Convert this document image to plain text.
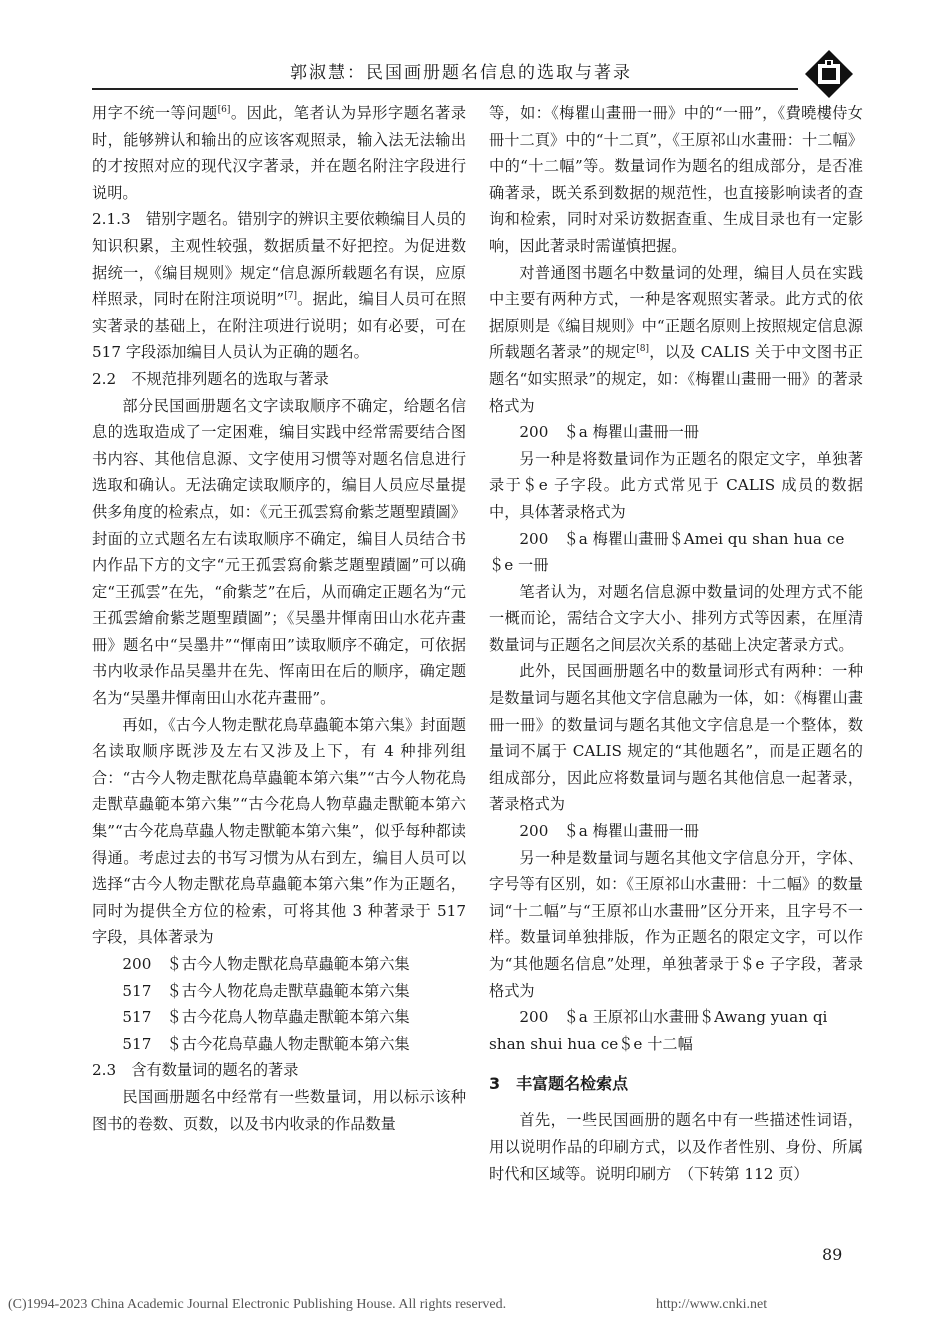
郭淑慧：民国画册题名信息的选取与著录

用字不统一等问题[6]。因此，笔者认为异形字题名著录时，能够辨认和输出的应该客观照录，输入法无法输出的才按照对应的现代汉字著录，并在题名附注字段进行说明。

2.1.3　错别字题名。错别字的辨识主要依赖编目人员的知识积累，主观性较强，数据质量不好把控。为促进数据统一，《编目规则》规定“信息源所载题名有误，应原样照录，同时在附注项说明”[7]。据此，编目人员可在照实著录的基础上，在附注项进行说明；如有必要，可在 517 字段添加编目人员认为正确的题名。

2.2　不规范排列题名的选取与著录

部分民国画册题名文字读取顺序不确定，给题名信息的选取造成了一定困难，编目实践中经常需要结合图书内容、其他信息源、文字使用习惯等对题名信息进行选取和确认。无法确定读取顺序的，编目人员应尽量提供多角度的检索点，如：《元王孤雲寫俞紫芝題聖蹟圖》封面的立式题名左右读取顺序不确定，编目人员结合书内作品下方的文字“元王孤雲寫俞紫芝題聖蹟圖”可以确定“王孤雲”在先，“俞紫芝”在后，从而确定正题名为“元王孤雲繪俞紫芝題聖蹟圖”；《吴墨井惲南田山水花卉畫冊》题名中“吴墨井”“惲南田”读取顺序不确定，可依据书内收录作品吴墨井在先、恽南田在后的顺序，确定题名为“吴墨井惲南田山水花卉畫冊”。

再如，《古今人物走獸花鳥草蟲範本第六集》封面题名读取顺序既涉及左右又涉及上下，有 4 种排列组合：“古今人物走獸花鳥草蟲範本第六集”“古今人物花鳥走獸草蟲範本第六集”“古今花鳥人物草蟲走獸範本第六集”“古今花鳥草蟲人物走獸範本第六集”，似乎每种都读得通。考虑过去的书写习惯为从右到左，编目人员可以选择“古今人物走獸花鳥草蟲範本第六集”作为正题名，同时为提供全方位的检索，可将其他 3 种著录于 517 字段，具体著录为

200　＄古今人物走獸花鳥草蟲範本第六集

517　＄古今人物花鳥走獸草蟲範本第六集

517　＄古今花鳥人物草蟲走獸範本第六集

517　＄古今花鳥草蟲人物走獸範本第六集

2.3　含有数量词的题名的著录

民国画册题名中经常有一些数量词，用以标示该种图书的卷数、页数，以及书内收录的作品数量

等，如：《梅瞿山畫冊一冊》中的“一冊”，《費曉樓侍女冊十二頁》中的“十二頁”，《王原祁山水畫冊：十二幅》中的“十二幅”等。数量词作为题名的组成部分，是否准确著录，既关系到数据的规范性，也直接影响读者的查询和检索，同时对采访数据查重、生成目录也有一定影响，因此著录时需谨慎把握。

对普通图书题名中数量词的处理，编目人员在实践中主要有两种方式，一种是客观照实著录。此方式的依据原则是《编目规则》中“正题名原则上按照规定信息源所载题名著录”的规定[8]，以及 CALIS 关于中文图书正题名“如实照录”的规定，如：《梅瞿山畫冊一冊》的著录格式为

200　＄a 梅瞿山畫冊一冊

另一种是将数量词作为正题名的限定文字，单独著录于＄e 子字段。此方式常见于 CALIS 成员的数据中，具体著录格式为

200　＄a 梅瞿山畫冊＄Amei qu shan hua ce

＄e 一冊

笔者认为，对题名信息源中数量词的处理方式不能一概而论，需结合文字大小、排列方式等因素，在厘清数量词与正题名之间层次关系的基础上决定著录方式。

此外，民国画册题名中的数量词形式有两种：一种是数量词与题名其他文字信息融为一体，如：《梅瞿山畫冊一冊》的数量词与题名其他文字信息是一个整体，数量词不属于 CALIS 规定的“其他题名”，而是正题名的组成部分，因此应将数量词与题名其他信息一起著录，著录格式为

200　＄a 梅瞿山畫冊一冊

另一种是数量词与题名其他文字信息分开，字体、字号等有区别，如：《王原祁山水畫冊：十二幅》的数量词“十二幅”与“王原祁山水畫冊”区分开来，且字号不一样。数量词单独排版，作为正题名的限定文字，可以作为“其他题名信息”处理，单独著录于＄e 子字段，著录格式为

200　＄a 王原祁山水畫冊＄Awang yuan qi

shan shui hua ce＄e 十二幅

3　丰富题名检索点

首先，一些民国画册的题名中有一些描述性词语，用以说明作品的印刷方式，以及作者性别、身份、所属时代和区域等。说明印刷方　（下转第 112 页）

89
(C)1994-2023 China Academic Journal Electronic Publishing House. All rights reserved.	http://www.cnki.net
